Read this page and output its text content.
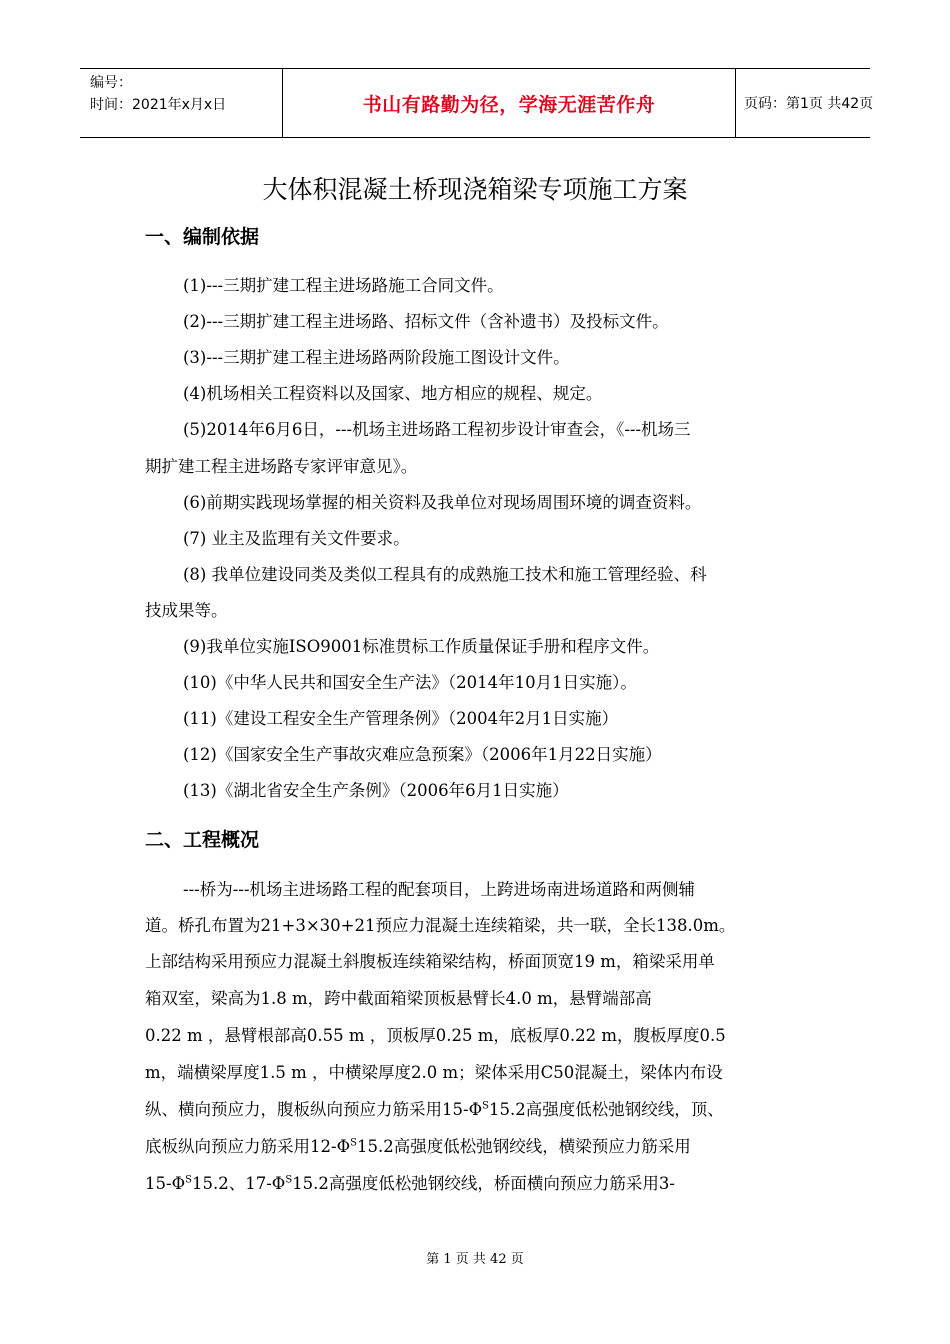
编号：
时间：2021年x月x日	书山有路勤为径，学海无涯苦作舟	页码：第1页 共42页
大体积混凝土桥现浇箱梁专项施工方案
一、编制依据
(1)---三期扩建工程主进场路施工合同文件。
(2)---三期扩建工程主进场路、招标文件（含补遗书）及投标文件。
(3)---三期扩建工程主进场路两阶段施工图设计文件。
(4)机场相关工程资料以及国家、地方相应的规程、规定。
(5)2014年6月6日，---机场主进场路工程初步设计审查会，《---机场三
期扩建工程主进场路专家评审意见》。
(6)前期实践现场掌握的相关资料及我单位对现场周围环境的调查资料。
(7) 业主及监理有关文件要求。
(8) 我单位建设同类及类似工程具有的成熟施工技术和施工管理经验、科
技成果等。
(9)我单位实施ISO9001标准贯标工作质量保证手册和程序文件。
(10)《中华人民共和国安全生产法》（2014年10月1日实施）。
(11)《建设工程安全生产管理条例》（2004年2月1日实施）
(12)《国家安全生产事故灾难应急预案》（2006年1月22日实施）
(13)《湖北省安全生产条例》（2006年6月1日实施）
二、工程概况
---桥为---机场主进场路工程的配套项目，上跨进场南进场道路和两侧辅
道。桥孔布置为21+3×30+21预应力混凝土连续箱梁，共一联，全长138.0m。
上部结构采用预应力混凝土斜腹板连续箱梁结构，桥面顶宽19 m，箱梁采用单
箱双室，梁高为1.8 m，跨中截面箱梁顶板悬臂长4.0 m，悬臂端部高
0.22 m ，悬臂根部高0.55 m ，顶板厚0.25 m，底板厚0.22 m，腹板厚度0.5
m，端横梁厚度1.5 m ，中横梁厚度2.0 m；梁体采用C50混凝土，梁体内布设
纵、横向预应力，腹板纵向预应力筋采用$15-\Phi^S15.2$高强度低松弛钢绞线，顶、
底板纵向预应力筋采用$12-\Phi^S15.2$高强度低松弛钢绞线，横梁预应力筋采用
$15-\Phi^S15.2$、$17-\Phi^S15.2$高强度低松弛钢绞线，桥面横向预应力筋采用3-
第 1 页 共 42 页
